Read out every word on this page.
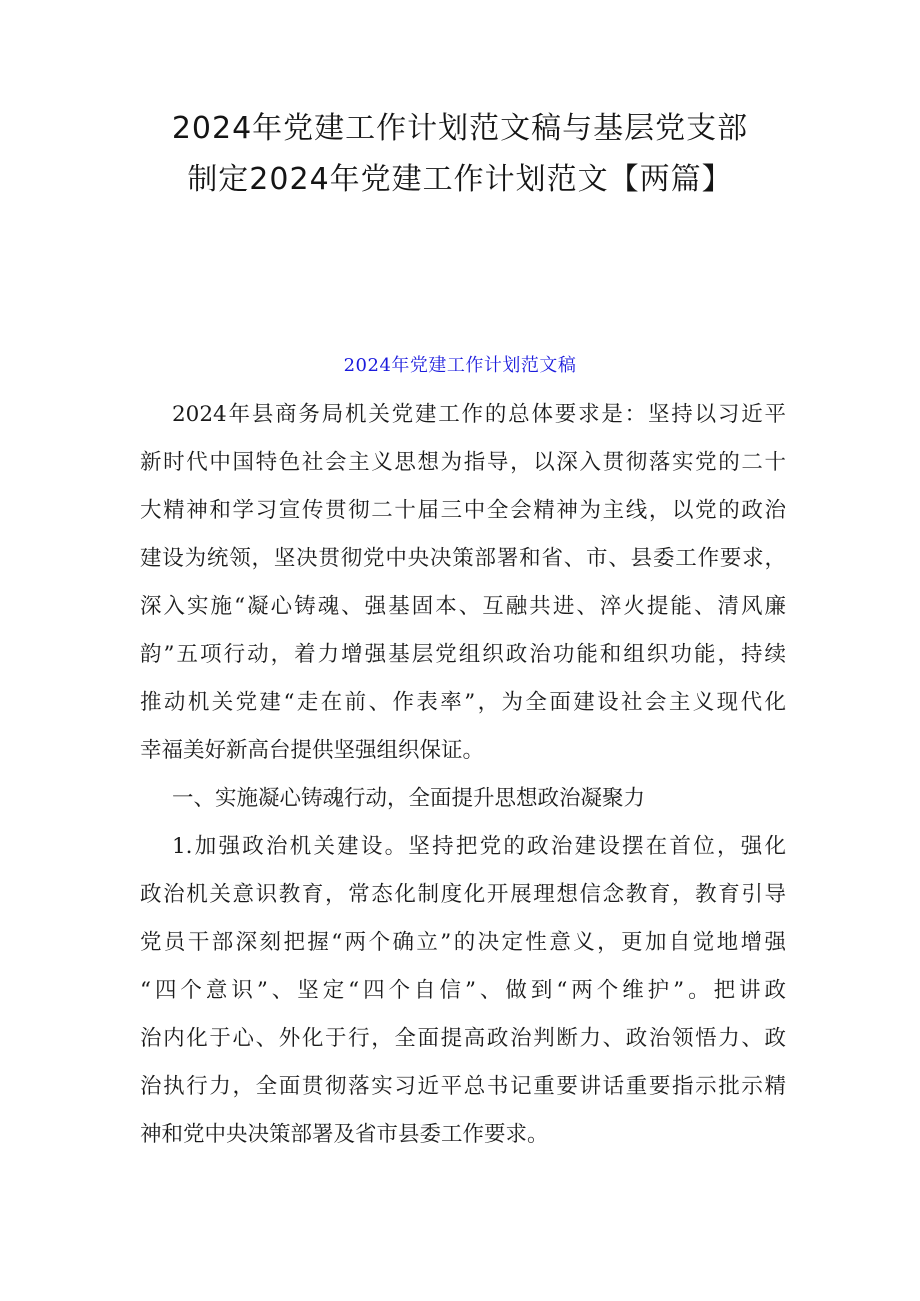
2024年党建工作计划范文稿与基层党支部
制定2024年党建工作计划范文【两篇】
2024年党建工作计划范文稿
2024年县商务局机关党建工作的总体要求是：坚持以习近平
新时代中国特色社会主义思想为指导，以深入贯彻落实党的二十
大精神和学习宣传贯彻二十届三中全会精神为主线，以党的政治
建设为统领，坚决贯彻党中央决策部署和省、市、县委工作要求，
深入实施“凝心铸魂、强基固本、互融共进、淬火提能、清风廉
韵”五项行动，着力增强基层党组织政治功能和组织功能，持续
推动机关党建“走在前、作表率”，为全面建设社会主义现代化
幸福美好新高台提供坚强组织保证。
一、实施凝心铸魂行动，全面提升思想政治凝聚力
1.加强政治机关建设。坚持把党的政治建设摆在首位，强化
政治机关意识教育，常态化制度化开展理想信念教育，教育引导
党员干部深刻把握“两个确立”的决定性意义，更加自觉地增强
“四个意识”、坚定“四个自信”、做到“两个维护”。把讲政
治内化于心、外化于行，全面提高政治判断力、政治领悟力、政
治执行力，全面贯彻落实习近平总书记重要讲话重要指示批示精
神和党中央决策部署及省市县委工作要求。
